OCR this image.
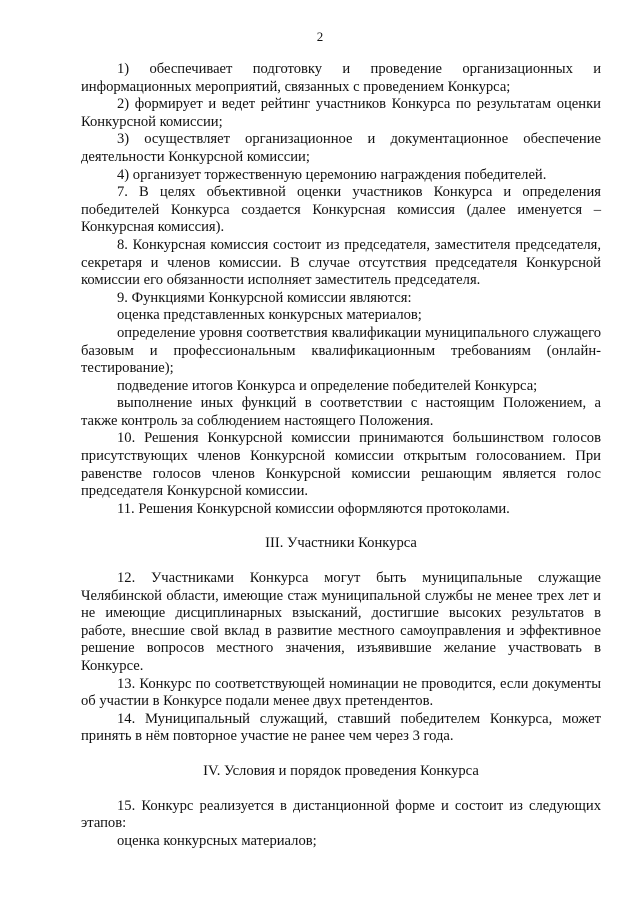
2

1) обеспечивает подготовку и проведение организационных и информационных мероприятий, связанных с проведением Конкурса;

2) формирует и ведет рейтинг участников Конкурса по результатам оценки Конкурсной комиссии;

3) осуществляет организационное и документационное обеспечение деятельности Конкурсной комиссии;

4) организует торжественную церемонию награждения победителей.

7. В целях объективной оценки участников Конкурса и определения победителей Конкурса создается Конкурсная комиссия (далее именуется – Конкурсная комиссия).

8. Конкурсная комиссия состоит из председателя, заместителя председателя, секретаря и членов комиссии. В случае отсутствия председателя Конкурсной комиссии его обязанности исполняет заместитель председателя.

9. Функциями Конкурсной комиссии являются:

оценка представленных конкурсных материалов;

определение уровня соответствия квалификации муниципального служащего базовым и профессиональным квалификационным требованиям (онлайн-тестирование);

подведение итогов Конкурса и определение победителей Конкурса;

выполнение иных функций в соответствии с настоящим Положением, а также контроль за соблюдением настоящего Положения.

10. Решения Конкурсной комиссии принимаются большинством голосов присутствующих членов Конкурсной комиссии открытым голосованием. При равенстве голосов членов Конкурсной комиссии решающим является голос председателя Конкурсной комиссии.

11. Решения Конкурсной комиссии оформляются протоколами.

III. Участники Конкурса

12. Участниками Конкурса могут быть муниципальные служащие Челябинской области, имеющие стаж муниципальной службы не менее трех лет и не имеющие дисциплинарных взысканий, достигшие высоких результатов в работе, внесшие свой вклад в развитие местного самоуправления и эффективное решение вопросов местного значения, изъявившие желание участвовать в Конкурсе.

13. Конкурс по соответствующей номинации не проводится, если документы об участии в Конкурсе подали менее двух претендентов.

14. Муниципальный служащий, ставший победителем Конкурса, может принять в нём повторное участие не ранее чем через 3 года.

IV. Условия и порядок проведения Конкурса

15. Конкурс реализуется в дистанционной форме и состоит из следующих этапов:

оценка конкурсных материалов;
